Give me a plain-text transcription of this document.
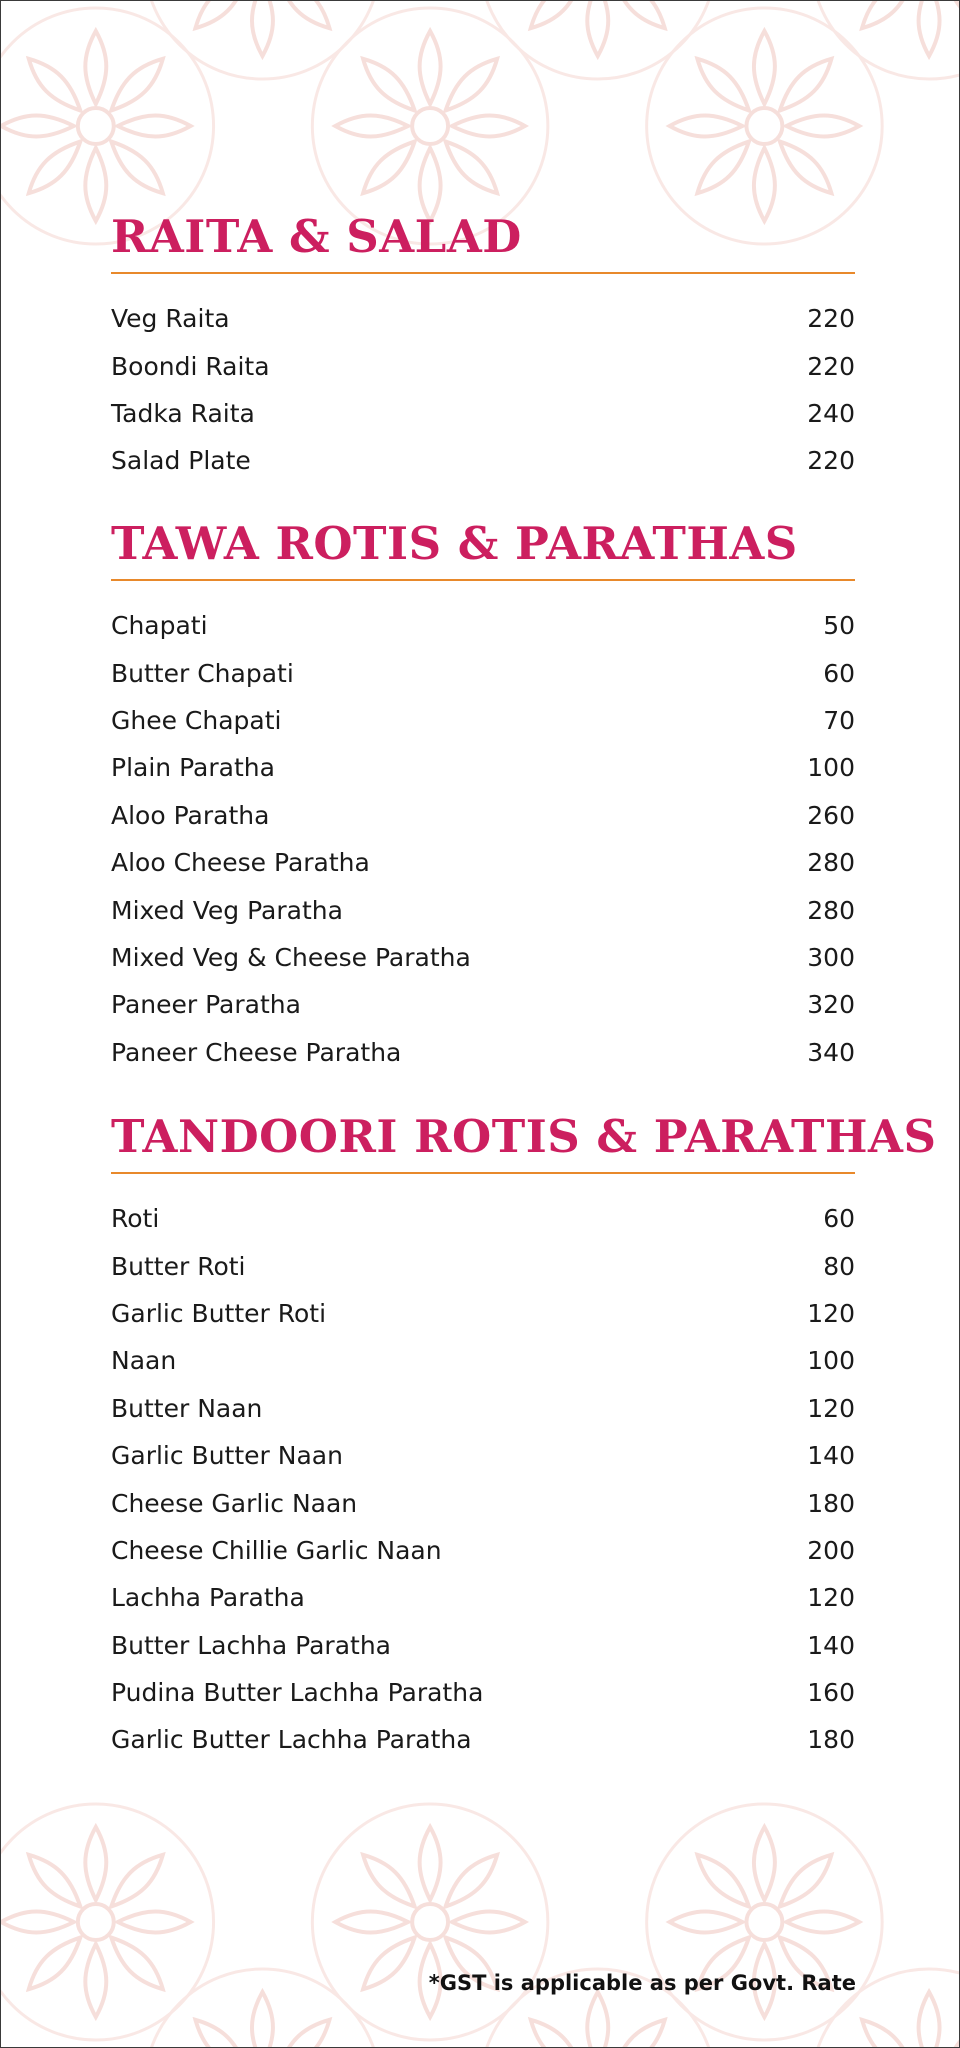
RAITA & SALAD
Veg Raita	220
Boondi Raita	220
Tadka Raita	240
Salad Plate	220
TAWA ROTIS & PARATHAS
Chapati	50
Butter Chapati	60
Ghee Chapati	70
Plain Paratha	100
Aloo Paratha	260
Aloo Cheese Paratha	280
Mixed Veg Paratha	280
Mixed Veg & Cheese Paratha	300
Paneer Paratha	320
Paneer Cheese Paratha	340
TANDOORI ROTIS & PARATHAS
Roti	60
Butter Roti	80
Garlic Butter Roti	120
Naan	100
Butter Naan	120
Garlic Butter Naan	140
Cheese Garlic Naan	180
Cheese Chillie Garlic Naan	200
Lachha Paratha	120
Butter Lachha Paratha	140
Pudina Butter Lachha Paratha	160
Garlic Butter Lachha Paratha	180
*GST is applicable as per Govt. Rate
